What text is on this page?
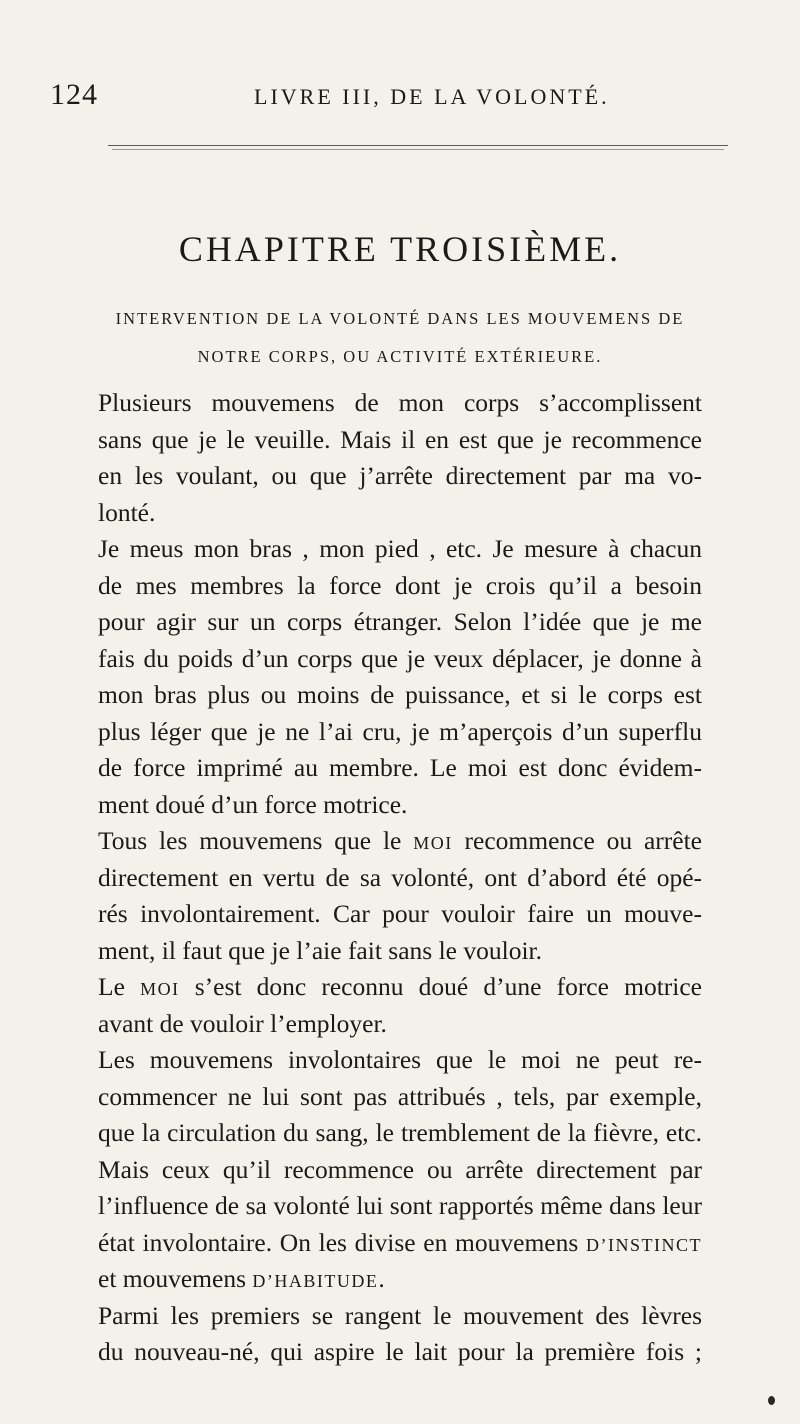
124	LIVRE III, DE LA VOLONTÉ.
CHAPITRE TROISIÈME.
INTERVENTION DE LA VOLONTÉ DANS LES MOUVEMENS DE
NOTRE CORPS, OU ACTIVITÉ EXTÉRIEURE.
Plusieurs mouvemens de mon corps s’accomplissent
sans que je le veuille. Mais il en est que je recommence
en les voulant, ou que j’arrête directement par ma vo-
lonté.
Je meus mon bras , mon pied , etc. Je mesure à chacun
de mes membres la force dont je crois qu’il a besoin
pour agir sur un corps étranger. Selon l’idée que je me
fais du poids d’un corps que je veux déplacer, je donne à
mon bras plus ou moins de puissance, et si le corps est
plus léger que je ne l’ai cru, je m’aperçois d’un superflu
de force imprimé au membre. Le moi est donc évidem-
ment doué d’un force motrice.
Tous les mouvemens que le MOI recommence ou arrête
directement en vertu de sa volonté, ont d’abord été opé-
rés involontairement. Car pour vouloir faire un mouve-
ment, il faut que je l’aie fait sans le vouloir.
Le MOI s’est donc reconnu doué d’une force motrice
avant de vouloir l’employer.
Les mouvemens involontaires que le moi ne peut re-
commencer ne lui sont pas attribués , tels, par exemple,
que la circulation du sang, le tremblement de la fièvre, etc.
Mais ceux qu’il recommence ou arrête directement par
l’influence de sa volonté lui sont rapportés même dans leur
état involontaire. On les divise en mouvemens D’INSTINCT
et mouvemens D’HABITUDE.
Parmi les premiers se rangent le mouvement des lèvres
du nouveau-né, qui aspire le lait pour la première fois ;
